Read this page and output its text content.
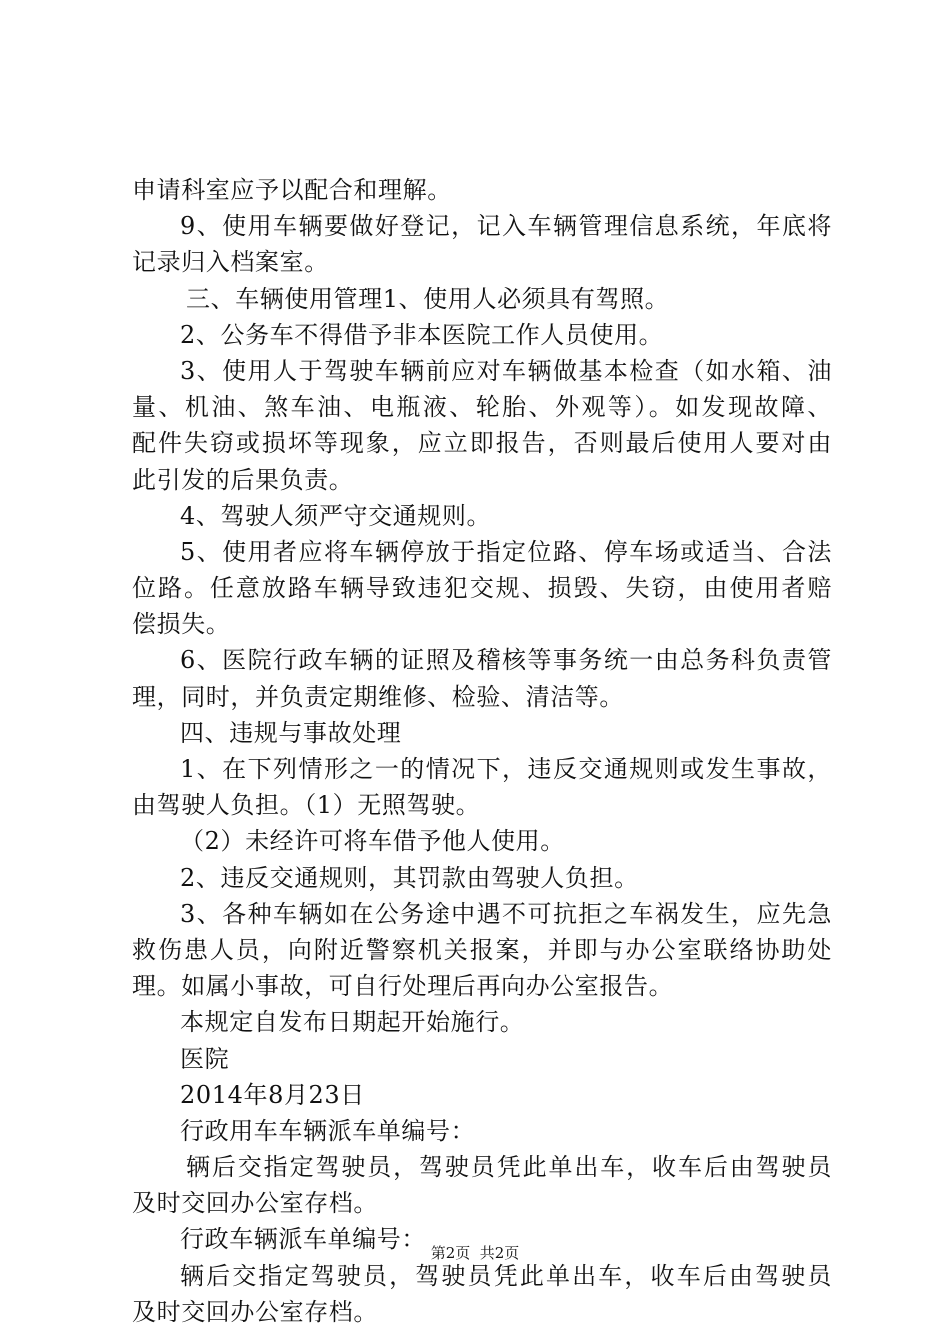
申请科室应予以配合和理解。
9、使用车辆要做好登记，记入车辆管理信息系统，年底将
记录归入档案室。
三、车辆使用管理1、使用人必须具有驾照。
2、公务车不得借予非本医院工作人员使用。
3、使用人于驾驶车辆前应对车辆做基本检查（如水箱、油
量、机油、煞车油、电瓶液、轮胎、外观等）。如发现故障、
配件失窃或损坏等现象，应立即报告，否则最后使用人要对由
此引发的后果负责。
4、驾驶人须严守交通规则。
5、使用者应将车辆停放于指定位路、停车场或适当、合法
位路。任意放路车辆导致违犯交规、损毁、失窃，由使用者赔
偿损失。
6、医院行政车辆的证照及稽核等事务统一由总务科负责管
理，同时，并负责定期维修、检验、清洁等。
四、违规与事故处理
1、在下列情形之一的情况下，违反交通规则或发生事故，
由驾驶人负担。（1）无照驾驶。
（2）未经许可将车借予他人使用。
2、违反交通规则，其罚款由驾驶人负担。
3、各种车辆如在公务途中遇不可抗拒之车祸发生，应先急
救伤患人员，向附近警察机关报案，并即与办公室联络协助处
理。如属小事故，可自行处理后再向办公室报告。
本规定自发布日期起开始施行。
医院
2014年8月23日
行政用车车辆派车单编号：
辆后交指定驾驶员，驾驶员凭此单出车，收车后由驾驶员
及时交回办公室存档。
行政车辆派车单编号：
辆后交指定驾驶员，驾驶员凭此单出车，收车后由驾驶员
及时交回办公室存档。
第2页  共2页
